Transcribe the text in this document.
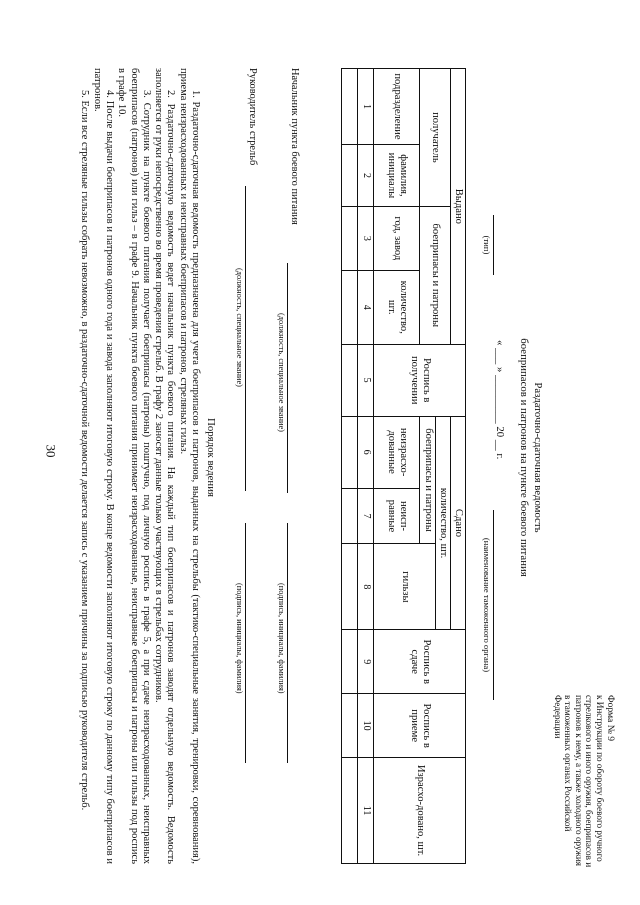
30
Форма № 9
к Инструкции по обороту боевого ручного стрелкового и иного оружия, боеприпасов и патронов к нему, а также холодного оружия в таможенных органах Российской Федерации
Раздаточно-сдаточная ведомость
боеприпасов и патронов на пункте боевого питания
(тип)
« ___ » _________ 20 __ г.
(наименование таможенного органа)
Выдано				Роспись в получении	Сдано			Роспись в сдаче	Роспись в приеме	Израсхо-довано, шт.
получатель		боеприпасы и патроны			количество, шт.					
					боеприпасы и патроны		гильзы			
подразделение	фамилия, инициалы	год, завод	количество, шт.		неизрасхо-дованные	неисп-равные				
1	2	3	4	5	6	7	8	9	10	11

Начальник пункта боевого питания
(должность, специальное звание)
(подпись, инициалы, фамилия)
Руководитель стрельб
(должность, специальное звание)
(подпись, инициалы, фамилия)
Порядок ведения

1. Раздаточно-сдаточная ведомость предназначена для учета боеприпасов и патронов, выданных на стрельбы (тактико-специальные занятия, тренировки, соревнования), приема неизрасходованных и неисправных боеприпасов и патронов, стреляных гильз.

2. Раздаточно-сдаточную ведомость ведет начальник пункта боевого питания. На каждый тип боеприпасов и патронов заводят отдельную ведомость. Ведомость заполняется от руки непосредственно во время проведения стрельб. В графу 2 заносят данные только участвующих в стрельбах сотрудников.

3. Сотрудник на пункте боевого питания получает боеприпасы (патроны) поштучно, под личную роспись в графе 5, а при сдаче неизрасходованных, неисправных боеприпасов (патронов) или гильз – в графе 9. Начальник пункта боевого питания принимает неизрасходованные, неисправные боеприпасы и патроны или гильзы под роспись в графе 10.

4. После выдачи боеприпасов и патронов одного года и завода заполняют итоговую строку. В конце ведомости заполняют итоговую строку по данному типу боеприпасов и патронов.

5. Если все стреляные гильзы собрать невозможно, в раздаточно-сдаточной ведомости делается запись с указанием причины за подписью руководителя стрельб.
